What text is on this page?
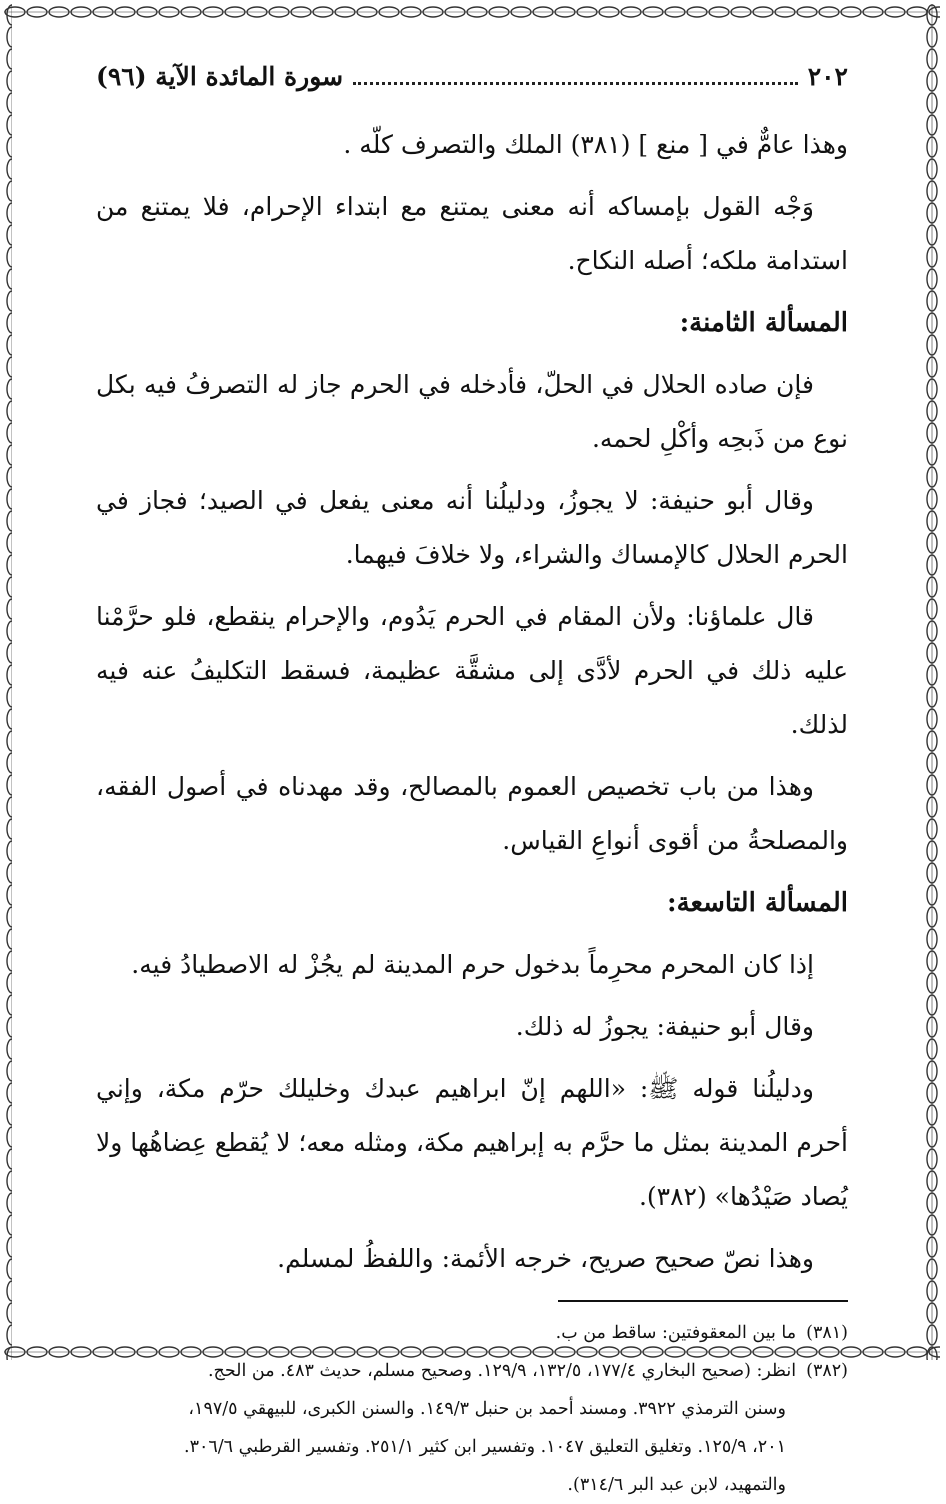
٢٠٢
سورة المائدة الآية (٩٦)

وهذا عامٌّ في [ منع ] (٣٨١) الملك والتصرف كلّه .

وَجْه القول بإمساكه أنه معنى يمتنع مع ابتداء الإحرام، فلا يمتنع من استدامة ملكه؛ أصله النكاح.

المسألة الثامنة:

فإن صاده الحلال في الحلّ، فأدخله في الحرم جاز له التصرفُ فيه بكل نوع من ذَبحِه وأكْلِ لحمه.

وقال أبو حنيفة: لا يجوزُ، ودليلُنا أنه معنى يفعل في الصيد؛ فجاز في الحرم الحلال كالإمساك والشراء، ولا خلافَ فيهما.

قال علماؤنا: ولأن المقام في الحرم يَدُوم، والإحرام ينقطع، فلو حرَّمْنا عليه ذلك في الحرم لأدَّى إلى مشقَّة عظيمة، فسقط التكليفُ عنه فيه لذلك.

وهذا من باب تخصيص العموم بالمصالح، وقد مهدناه في أصول الفقه، والمصلحةُ من أقوى أنواعِ القياس.

المسألة التاسعة:

إذا كان المحرم محرِماً بدخول حرم المدينة لم يجُزْ له الاصطيادُ فيه.

وقال أبو حنيفة: يجوزُ له ذلك.

ودليلُنا قوله ﷺ: «اللهم إنّ ابراهيم عبدك وخليلك حرّم مكة، وإني أحرم المدينة بمثل ما حرَّم به إبراهيم مكة، ومثله معه؛ لا يُقطع عِضاهُها ولا يُصاد صَيْدُها» (٣٨٢).

وهذا نصّ صحيح صريح، خرجه الأئمة: واللفظُ لمسلم.

(٣٨١)ما بين المعقوفتين: ساقط من ب.

(٣٨٢)انظر: (صحيح البخاري ١٧٧/٤، ١٣٢/٥، ١٢٩/٩. وصحيح مسلم، حديث ٤٨٣. من الحج.

وسنن الترمذي ٣٩٢٢. ومسند أحمد بن حنبل ١٤٩/٣. والسنن الكبرى، للبيهقي ١٩٧/٥،

٢٠١، ١٢٥/٩. وتغليق التعليق ١٠٤٧. وتفسير ابن كثير ٢٥١/١. وتفسير القرطبي ٣٠٦/٦.

والتمهيد، لابن عبد البر ٣١٤/٦).
